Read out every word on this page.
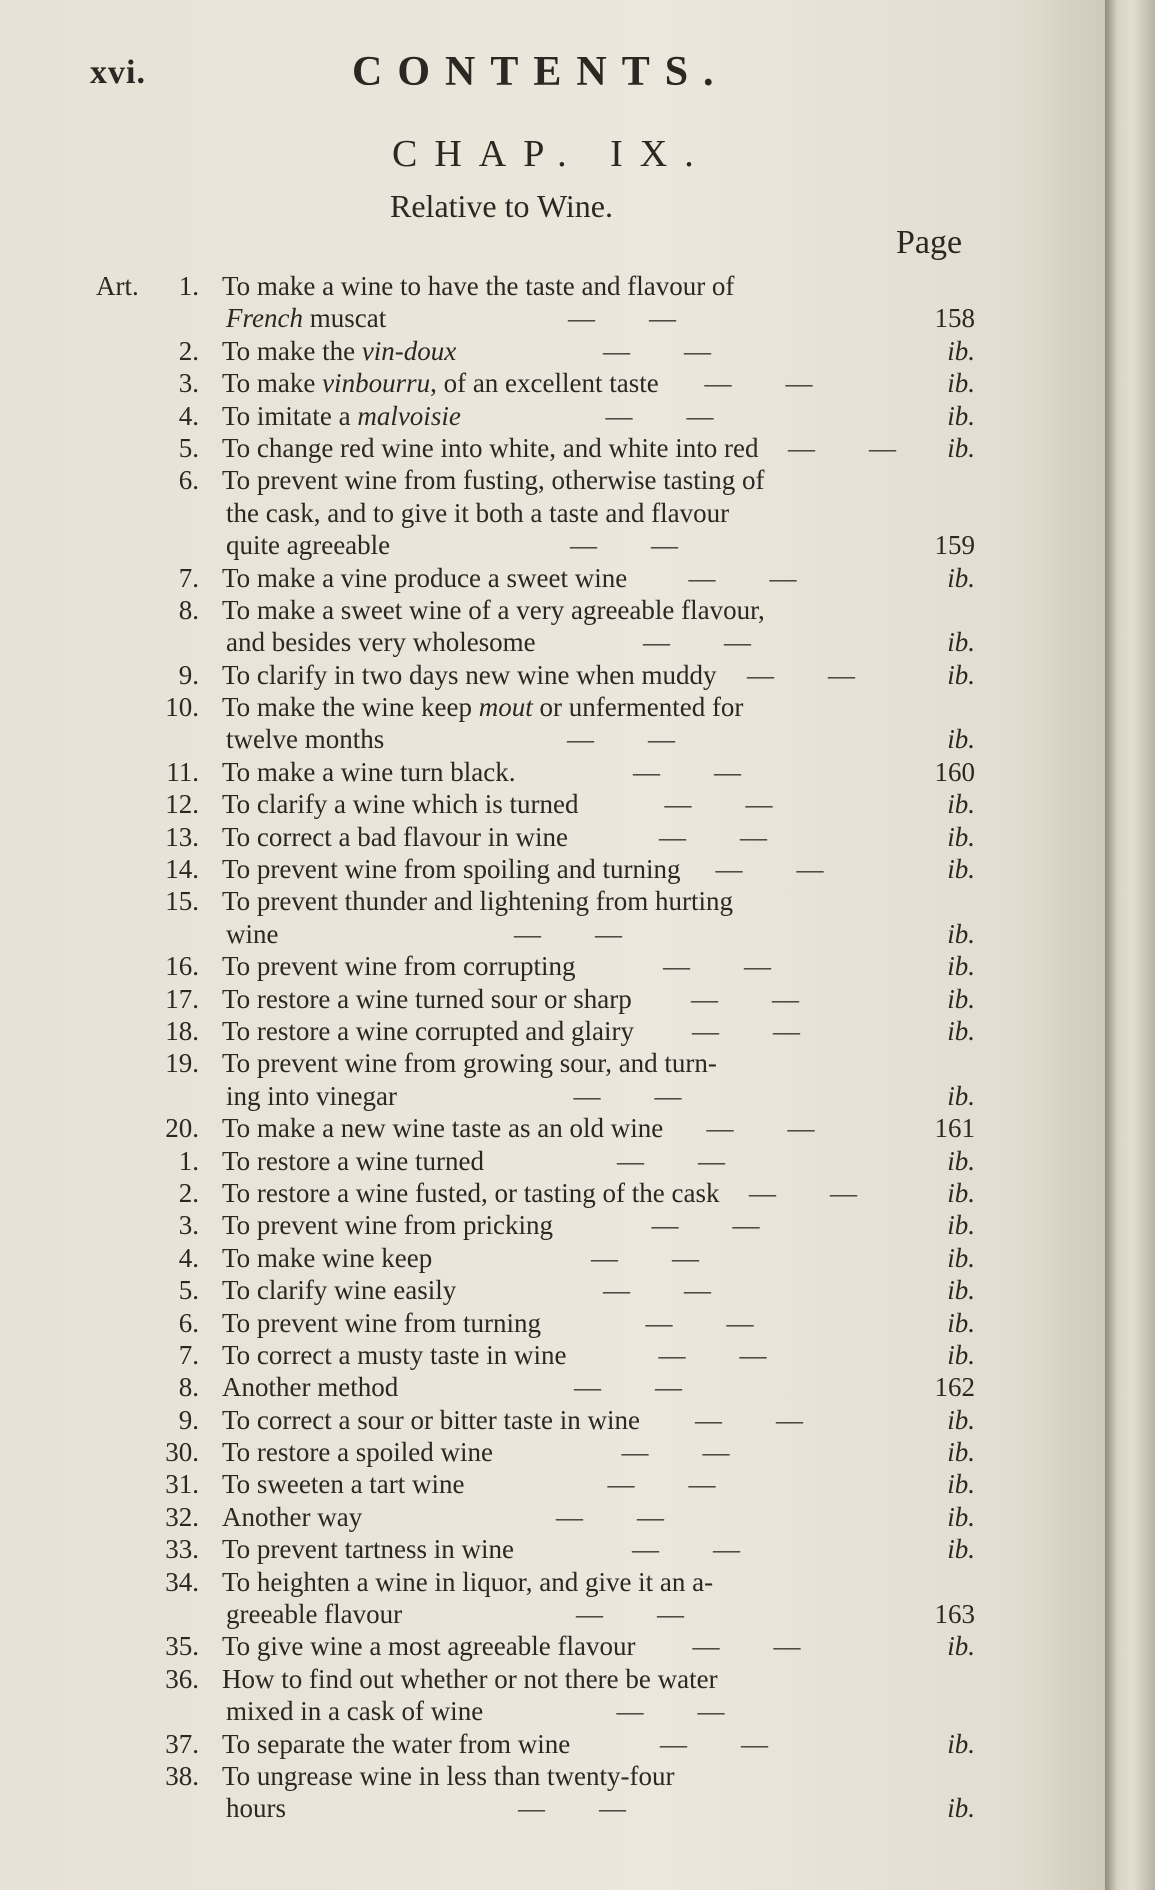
xvi.	CONTENTS.
CHAP. IX.
Relative to Wine.
Page
Art.	1. To make a wine to have the taste and flavour of
French muscat	—  —	158
2. To make the vin-doux	—  —	ib.
3. To make vinbourru, of an excellent taste —  —	ib.
4. To imitate a malvoisie	—  —	ib.
5. To change red wine into white, and white into red —  — ib.
6. To prevent wine from fusting, otherwise tasting of
the cask, and to give it both a taste and flavour
quite agreeable	—  —	159
7. To make a vine produce a sweet wine —  —	ib.
8. To make a sweet wine of a very agreeable flavour,
and besides very wholesome	—  —	ib.
9. To clarify in two days new wine when muddy —  —	ib.
10. To make the wine keep mout or unfermented for
twelve months	—  —	ib.
11. To make a wine turn black.	—  —	160
12. To clarify a wine which is turned	—  —	ib.
13. To correct a bad flavour in wine	—  —	ib.
14. To prevent wine from spoiling and turning —  —	ib.
15. To prevent thunder and lightening from hurting
wine	—  —	ib.
16. To prevent wine from corrupting	—  —	ib.
17. To restore a wine turned sour or sharp —  —	ib.
18. To restore a wine corrupted and glairy —  —	ib.
19. To prevent wine from growing sour, and turn-
ing into vinegar	—  —	ib.
20. To make a new wine taste as an old wine —  —	161
1. To restore a wine turned	—  —	ib.
2. To restore a wine fusted, or tasting of the cask —  —	ib.
3. To prevent wine from pricking	—  —	ib.
4. To make wine keep	—  —	ib.
5. To clarify wine easily	—  —	ib.
6. To prevent wine from turning	—  —	ib.
7. To correct a musty taste in wine	—  —	ib.
8. Another method	—  —	162
9. To correct a sour or bitter taste in wine —  —	ib.
30. To restore a spoiled wine	—  —	ib.
31. To sweeten a tart wine	—  —	ib.
32. Another way	—  —	ib.
33. To prevent tartness in wine	—  —	ib.
34. To heighten a wine in liquor, and give it an a-
greeable flavour	—  —	163
35. To give wine a most agreeable flavour —  —	ib.
36. How to find out whether or not there be water
mixed in a cask of wine	—  —
37. To separate the water from wine	—  —	ib.
38. To ungrease wine in less than twenty-four
hours	—  —	ib.
